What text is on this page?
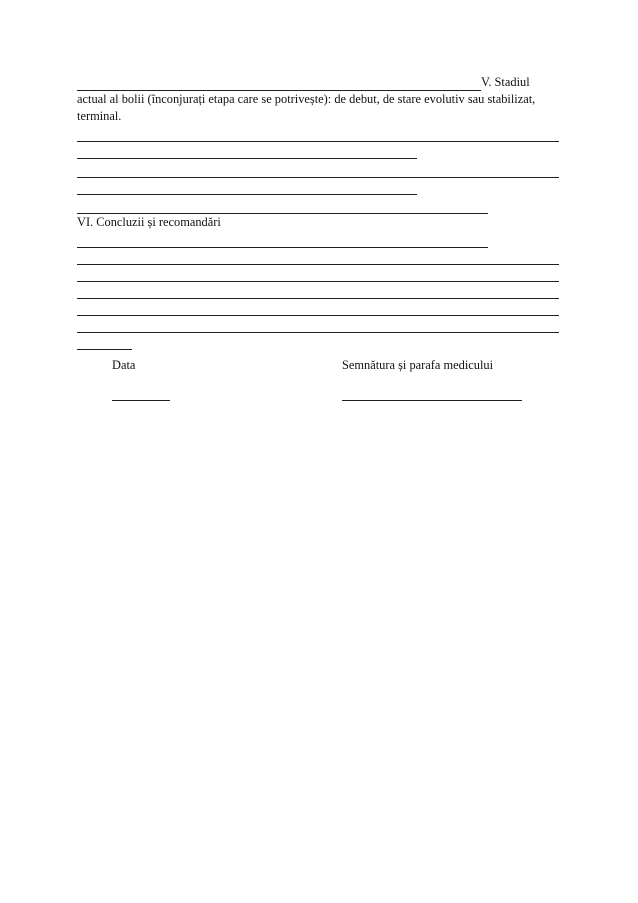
V. Stadiul
actual al bolii (înconjurați etapa care se potrivește): de debut, de stare evolutiv sau stabilizat,
terminal.
VI. Concluzii și recomandări
Data	Semnătura și parafa medicului
